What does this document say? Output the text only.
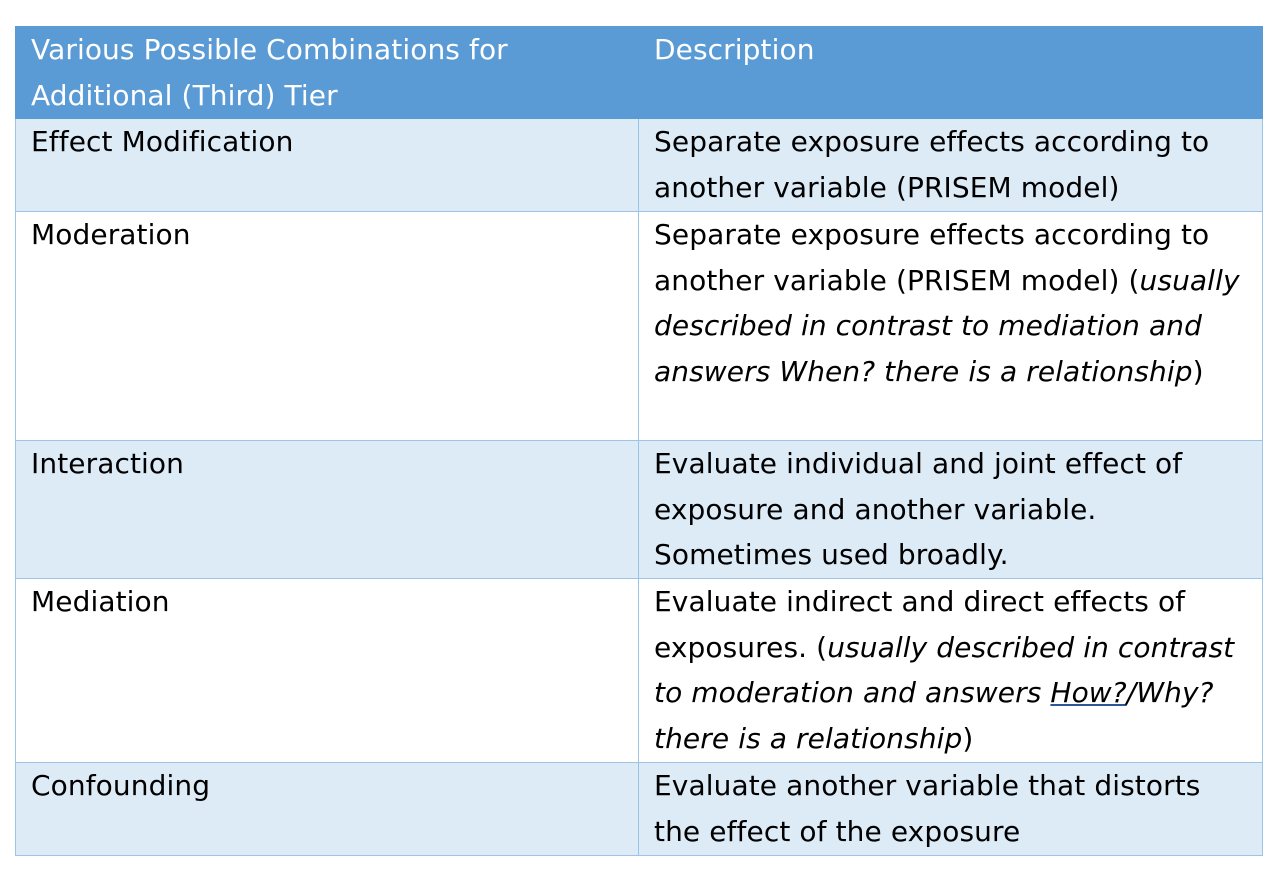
Various Possible Combinations for Additional (Third) Tier	Description
Effect Modification	Separate exposure effects according to another variable (PRISEM model)
Moderation	Separate exposure effects according to another variable (PRISEM model) (usually described in contrast to mediation and answers When? there is a relationship)
Interaction	Evaluate individual and joint effect of exposure and another variable. Sometimes used broadly.
Mediation	Evaluate indirect and direct effects of exposures. (usually described in contrast to moderation and answers How?/Why? there is a relationship)
Confounding	Evaluate another variable that distorts the effect of the exposure
